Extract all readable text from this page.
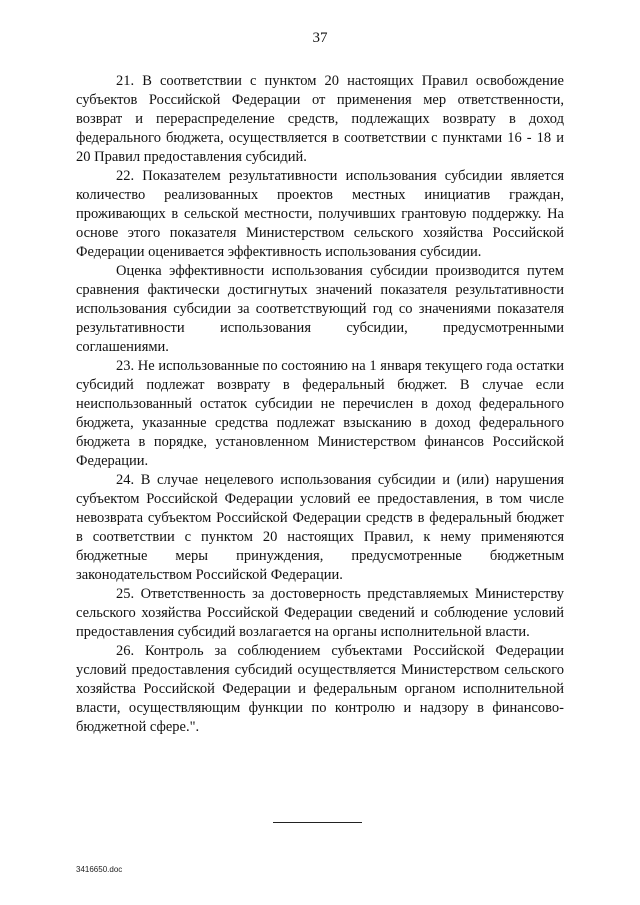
37

21. В соответствии с пунктом 20 настоящих Правил освобождение субъектов Российской Федерации от применения мер ответственности, возврат и перераспределение средств, подлежащих возврату в доход федерального бюджета, осуществляется в соответствии с пунктами 16 - 18 и 20 Правил предоставления субсидий.

22. Показателем результативности использования субсидии является количество реализованных проектов местных инициатив граждан, проживающих в сельской местности, получивших грантовую поддержку. На основе этого показателя Министерством сельского хозяйства Российской Федерации оценивается эффективность использования субсидии.

Оценка эффективности использования субсидии производится путем сравнения фактически достигнутых значений показателя результативности использования субсидии за соответствующий год со значениями показателя результативности использования субсидии, предусмотренными соглашениями.

23. Не использованные по состоянию на 1 января текущего года остатки субсидий подлежат возврату в федеральный бюджет. В случае если неиспользованный остаток субсидии не перечислен в доход федерального бюджета, указанные средства подлежат взысканию в доход федерального бюджета в порядке, установленном Министерством финансов Российской Федерации.

24. В случае нецелевого использования субсидии и (или) нарушения субъектом Российской Федерации условий ее предоставления, в том числе невозврата субъектом Российской Федерации средств в федеральный бюджет в соответствии с пунктом 20 настоящих Правил, к нему применяются бюджетные меры принуждения, предусмотренные бюджетным законодательством Российской Федерации.

25. Ответственность за достоверность представляемых Министерству сельского хозяйства Российской Федерации сведений и соблюдение условий предоставления субсидий возлагается на органы исполнительной власти.

26. Контроль за соблюдением субъектами Российской Федерации условий предоставления субсидий осуществляется Министерством сельского хозяйства Российской Федерации и федеральным органом исполнительной власти, осуществляющим функции по контролю и надзору в финансово-бюджетной сфере.".

3416650.doc
